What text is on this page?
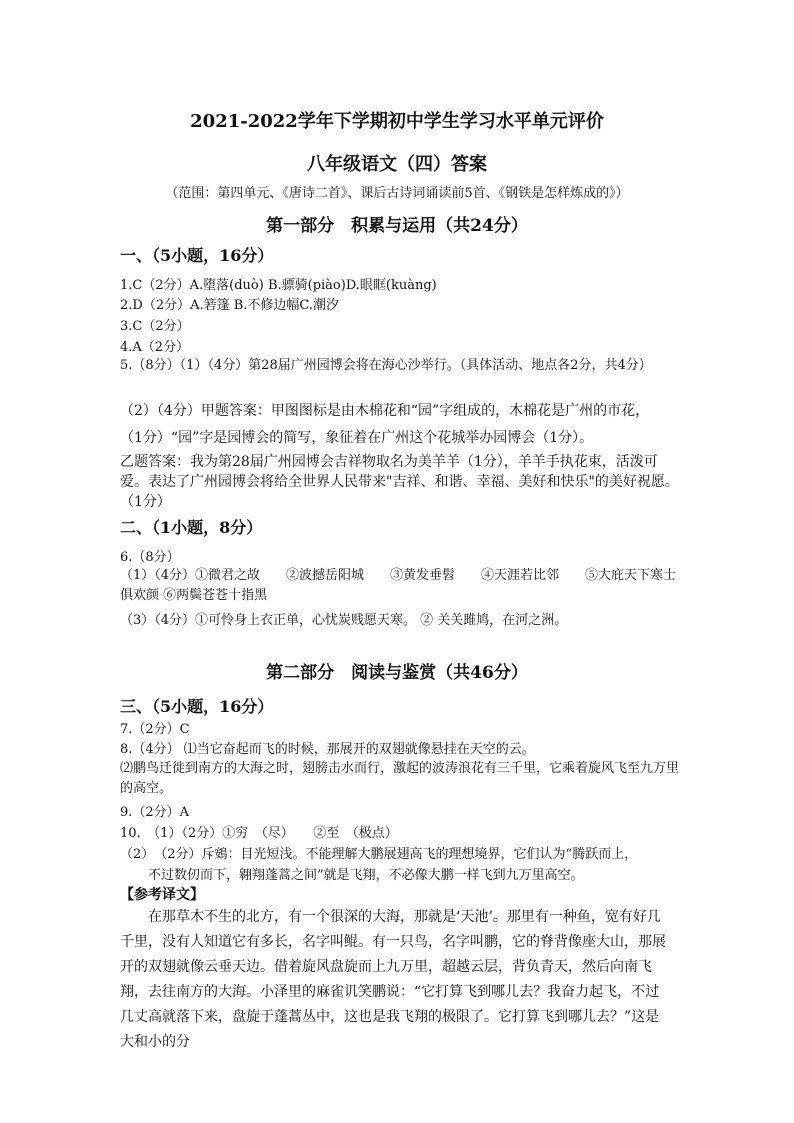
2021-2022学年下学期初中学生学习水平单元评价
八年级语文（四）答案
（范围：第四单元、《唐诗二首》、课后古诗词诵读前5首、《钢铁是怎样炼成的》）
第一部分　积累与运用（共24分）
一、（5小题，16分）
1.C（2分）A.堕落(duò) B.骠骑(piào)D.眼眶(kuàng)
2.D（2分）A.箬篷 B.不修边幅C.潮汐
3.C（2分）
4.A（2分）
5.（8分）（1）（4分）第28届广州园博会将在海心沙举行。（具体活动、地点各2分，共4分）
（2）（4分）甲题答案：甲图图标是由木棉花和“园”字组成的，木棉花是广州的市花，
（1分）“园”字是园博会的简写，象征着在广州这个花城举办园博会（1分）。
乙题答案：我为第28届广州园博会吉祥物取名为美羊羊（1分），羊羊手执花束，活泼可爱。表达了广州园博会将给全世界人民带来"吉祥、和谐、幸福、美好和快乐"的美好祝愿。（1分）
二、（1小题，8分）
6.（8分）
（1）（4分）①微君之故　　②波撼岳阳城　　③黄发垂髫　　④天涯若比邻　　⑤大庇天下寒士俱欢颜 ⑥两鬓苍苍十指黑
（3）（4分）①可怜身上衣正单，心忧炭贱愿天寒。 ② 关关雎鸠，在河之洲。
第二部分　阅读与鉴赏（共46分）
三、（5小题，16分）
7.（2分）C
8.（4分） ⑴当它奋起而飞的时候，那展开的双翅就像悬挂在天空的云。
⑵鹏鸟迁徙到南方的大海之时，翅膀击水而行，激起的波涛浪花有三千里，它乘着旋风飞至九万里的高空。
9.（2分）A
10.　（1）（2分）①穷　（尽）　　②至　（极点）
（2）　（2分）斥鴳：目光短浅。不能理解大鹏展翅高飞的理想境界，它们认为“腾跃而上，
不过数仞而下，翱翔蓬蒿之间”就是飞翔，不必像大鹏一样飞到九万里高空。
【参考译文】
在那草木不生的北方，有一个很深的大海，那就是‘天池’。那里有一种鱼，宽有好几千里，没有人知道它有多长，名字叫鲲。有一只鸟，名字叫鹏，它的脊背像座大山，那展开的双翅就像云垂天边。借着旋风盘旋而上九万里，超越云层，背负青天，然后向南飞翔，去往南方的大海。小泽里的麻雀讥笑鹏说：“它打算飞到哪儿去？我奋力起飞，不过几丈高就落下来，盘旋于蓬蒿丛中，这也是我飞翔的极限了。它打算飞到哪儿去？”这是大和小的分
